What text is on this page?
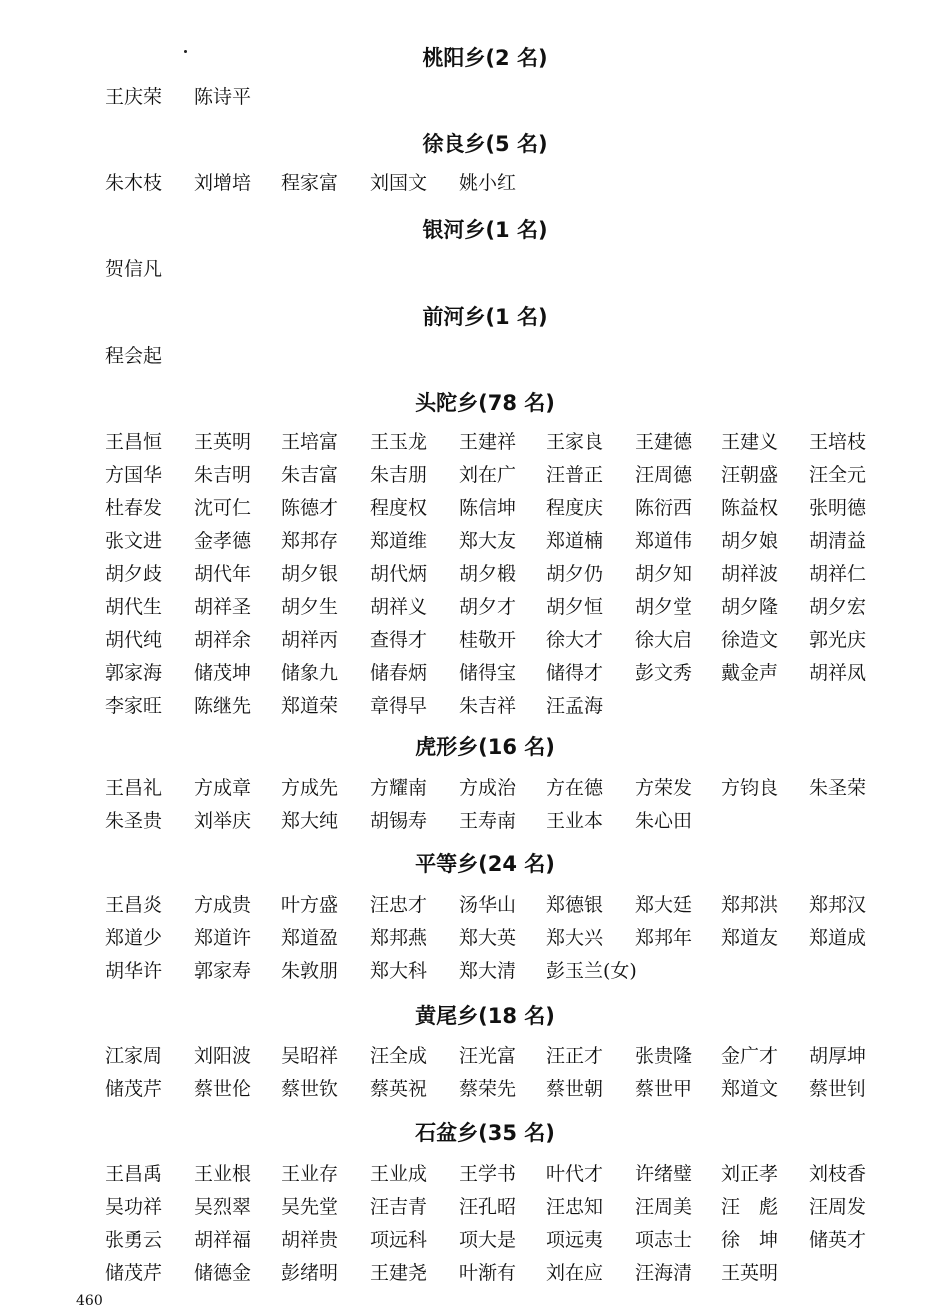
桃阳乡(2 名)
王庆荣 陈诗平
徐良乡(5 名)
朱木枝 刘增培 程家富 刘国文 姚小红
银河乡(1 名)
贺信凡
前河乡(1 名)
程会起
头陀乡(78 名)
王昌恒 王英明 王培富 王玉龙 王建祥 王家良 王建德 王建义 王培枝
方国华 朱吉明 朱吉富 朱吉朋 刘在广 汪普正 汪周德 汪朝盛 汪全元
杜春发 沈可仁 陈德才 程度权 陈信坤 程度庆 陈衍西 陈益权 张明德
张文进 金孝德 郑邦存 郑道维 郑大友 郑道楠 郑道伟 胡夕娘 胡清益
胡夕歧 胡代年 胡夕银 胡代炳 胡夕椴 胡夕仍 胡夕知 胡祥波 胡祥仁
胡代生 胡祥圣 胡夕生 胡祥义 胡夕才 胡夕恒 胡夕堂 胡夕隆 胡夕宏
胡代纯 胡祥余 胡祥丙 查得才 桂敬开 徐大才 徐大启 徐造文 郭光庆
郭家海 储茂坤 储象九 储春炳 储得宝 储得才 彭文秀 戴金声 胡祥凤
李家旺 陈继先 郑道荣 章得早 朱吉祥 汪孟海
虎形乡(16 名)
王昌礼 方成章 方成先 方耀南 方成治 方在德 方荣发 方钧良 朱圣荣
朱圣贵 刘举庆 郑大纯 胡锡寿 王寿南 王业本 朱心田
平等乡(24 名)
王昌炎 方成贵 叶方盛 汪忠才 汤华山 郑德银 郑大廷 郑邦洪 郑邦汉
郑道少 郑道许 郑道盈 郑邦燕 郑大英 郑大兴 郑邦年 郑道友 郑道成
胡华许 郭家寿 朱敦朋 郑大科 郑大清 彭玉兰(女)
黄尾乡(18 名)
江家周 刘阳波 吴昭祥 汪全成 汪光富 汪正才 张贵隆 金广才 胡厚坤
储茂芹 蔡世伦 蔡世钦 蔡英祝 蔡荣先 蔡世朝 蔡世甲 郑道文 蔡世钊
石盆乡(35 名)
王昌禹 王业根 王业存 王业成 王学书 叶代才 许绪璧 刘正孝 刘枝香
吴功祥 吴烈翠 吴先堂 汪吉青 汪孔昭 汪忠知 汪周美 汪　彪 汪周发
张勇云 胡祥福 胡祥贵 项远科 项大是 项远夷 项志士 徐　坤 储英才
储茂芹 储德金 彭绪明 王建尧 叶渐有 刘在应 汪海清 王英明
460
